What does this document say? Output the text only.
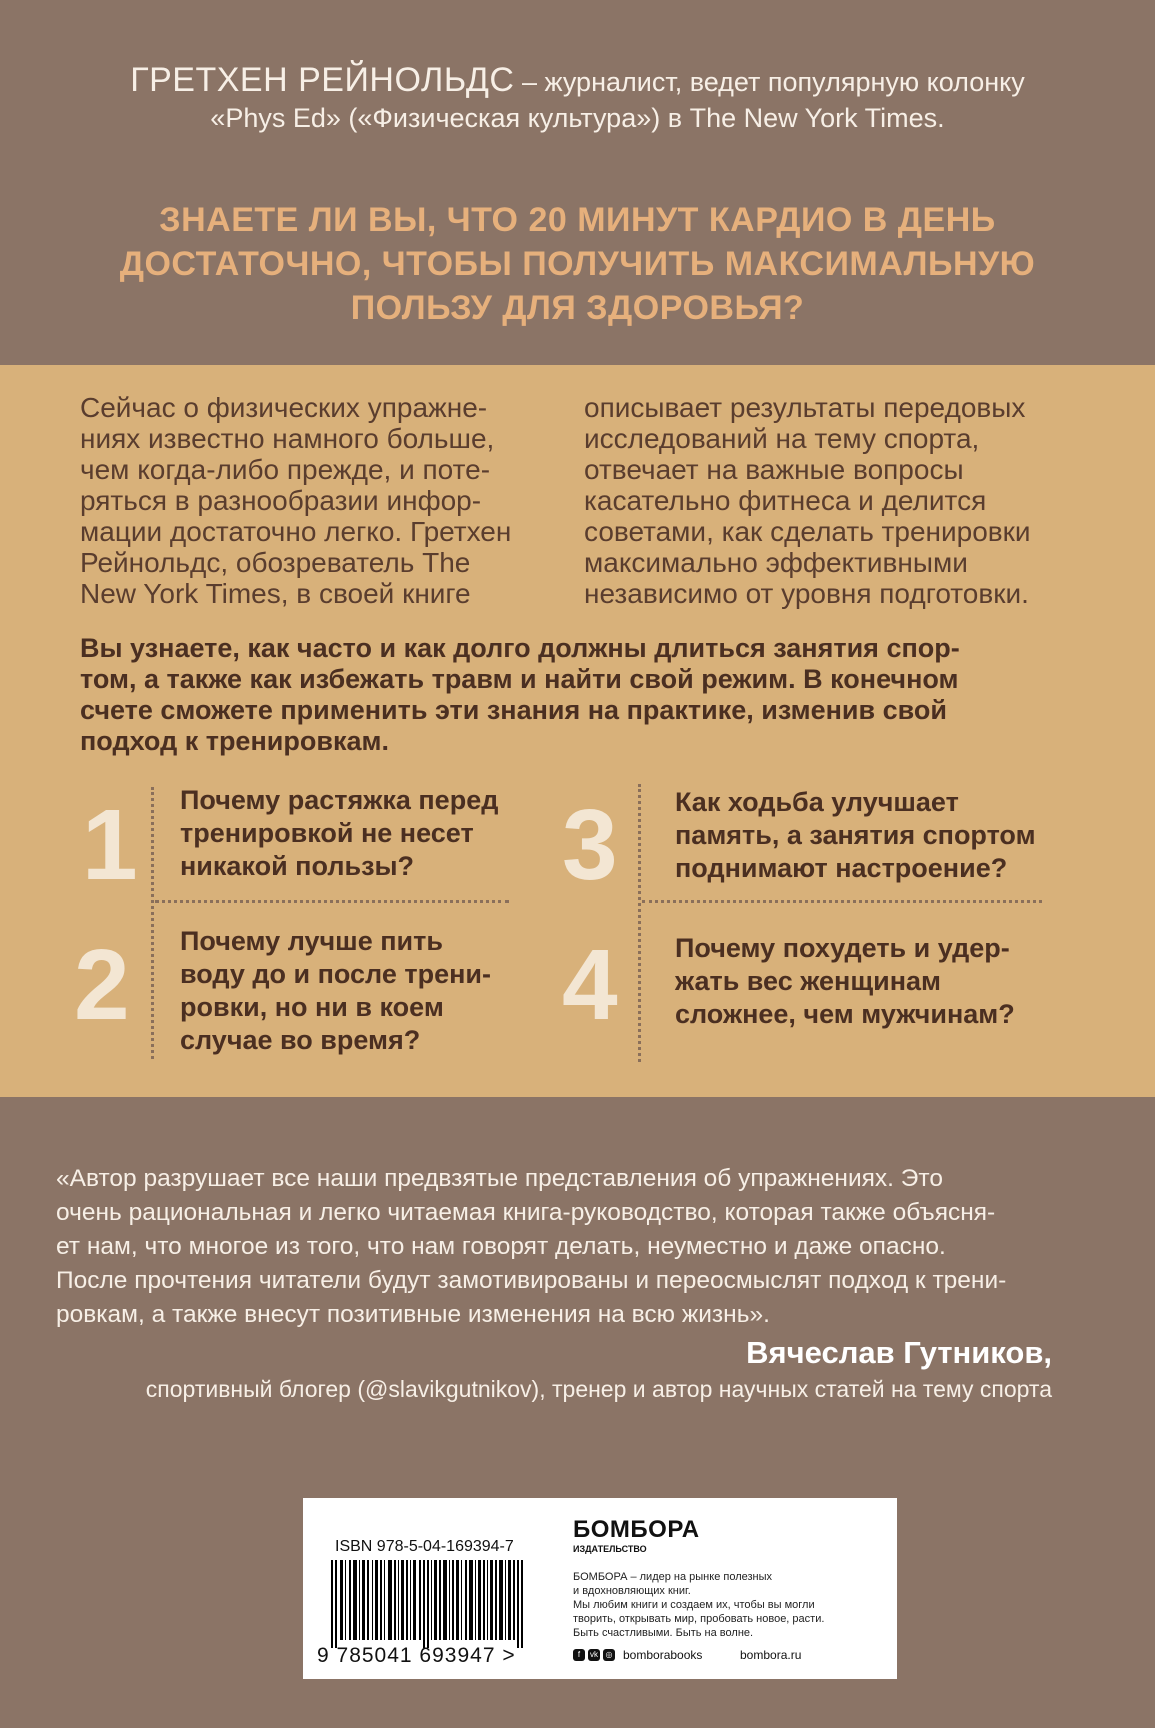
ГРЕТХЕН РЕЙНОЛЬДС – журналист, ведет популярную колонку
«Phys Ed» («Физическая культура») в The New York Times.
ЗНАЕТЕ ЛИ ВЫ, ЧТО 20 МИНУТ КАРДИО В ДЕНЬ
ДОСТАТОЧНО, ЧТОБЫ ПОЛУЧИТЬ МАКСИМАЛЬНУЮ
ПОЛЬЗУ ДЛЯ ЗДОРОВЬЯ?
Сейчас о физических упражне-
ниях известно намного больше,
чем когда-либо прежде, и поте-
ряться в разнообразии инфор-
мации достаточно легко. Гретхен
Рейнольдс, обозреватель The
New York Times, в своей книге
описывает результаты передовых
исследований на тему спорта,
отвечает на важные вопросы
касательно фитнеса и делится
советами, как сделать тренировки
максимально эффективными
независимо от уровня подготовки.
Вы узнаете, как часто и как долго должны длиться занятия спор-
том, а также как избежать травм и найти свой режим. В конечном
счете сможете применить эти знания на практике, изменив свой
подход к тренировкам.
1 Почему растяжка перед
тренировкой не несет
никакой пользы?
2 Почему лучше пить
воду до и после трени-
ровки, но ни в коем
случае во время?
3 Как ходьба улучшает
память, а занятия спортом
поднимают настроение?
4 Почему похудеть и удер-
жать вес женщинам
сложнее, чем мужчинам?
«Автор разрушает все наши предвзятые представления об упражнениях. Это
очень рациональная и легко читаемая книга-руководство, которая также объясня-
ет нам, что многое из того, что нам говорят делать, неуместно и даже опасно.
После прочтения читатели будут замотивированы и переосмыслят подход к трени-
ровкам, а также внесут позитивные изменения на всю жизнь».
Вячеслав Гутников,
спортивный блогер (@slavikgutnikov), тренер и автор научных статей на тему спорта
ISBN 978-5-04-169394-7
9 785041 693947 >
БОМБОРА
ИЗДАТЕЛЬСТВО
БОМБОРА – лидер на рынке полезных
и вдохновляющих книг.
Мы любим книги и создаем их, чтобы вы могли
творить, открывать мир, пробовать новое, расти.
Быть счастливыми. Быть на волне.
f	vk ◎ bomborabooks	bombora.ru
